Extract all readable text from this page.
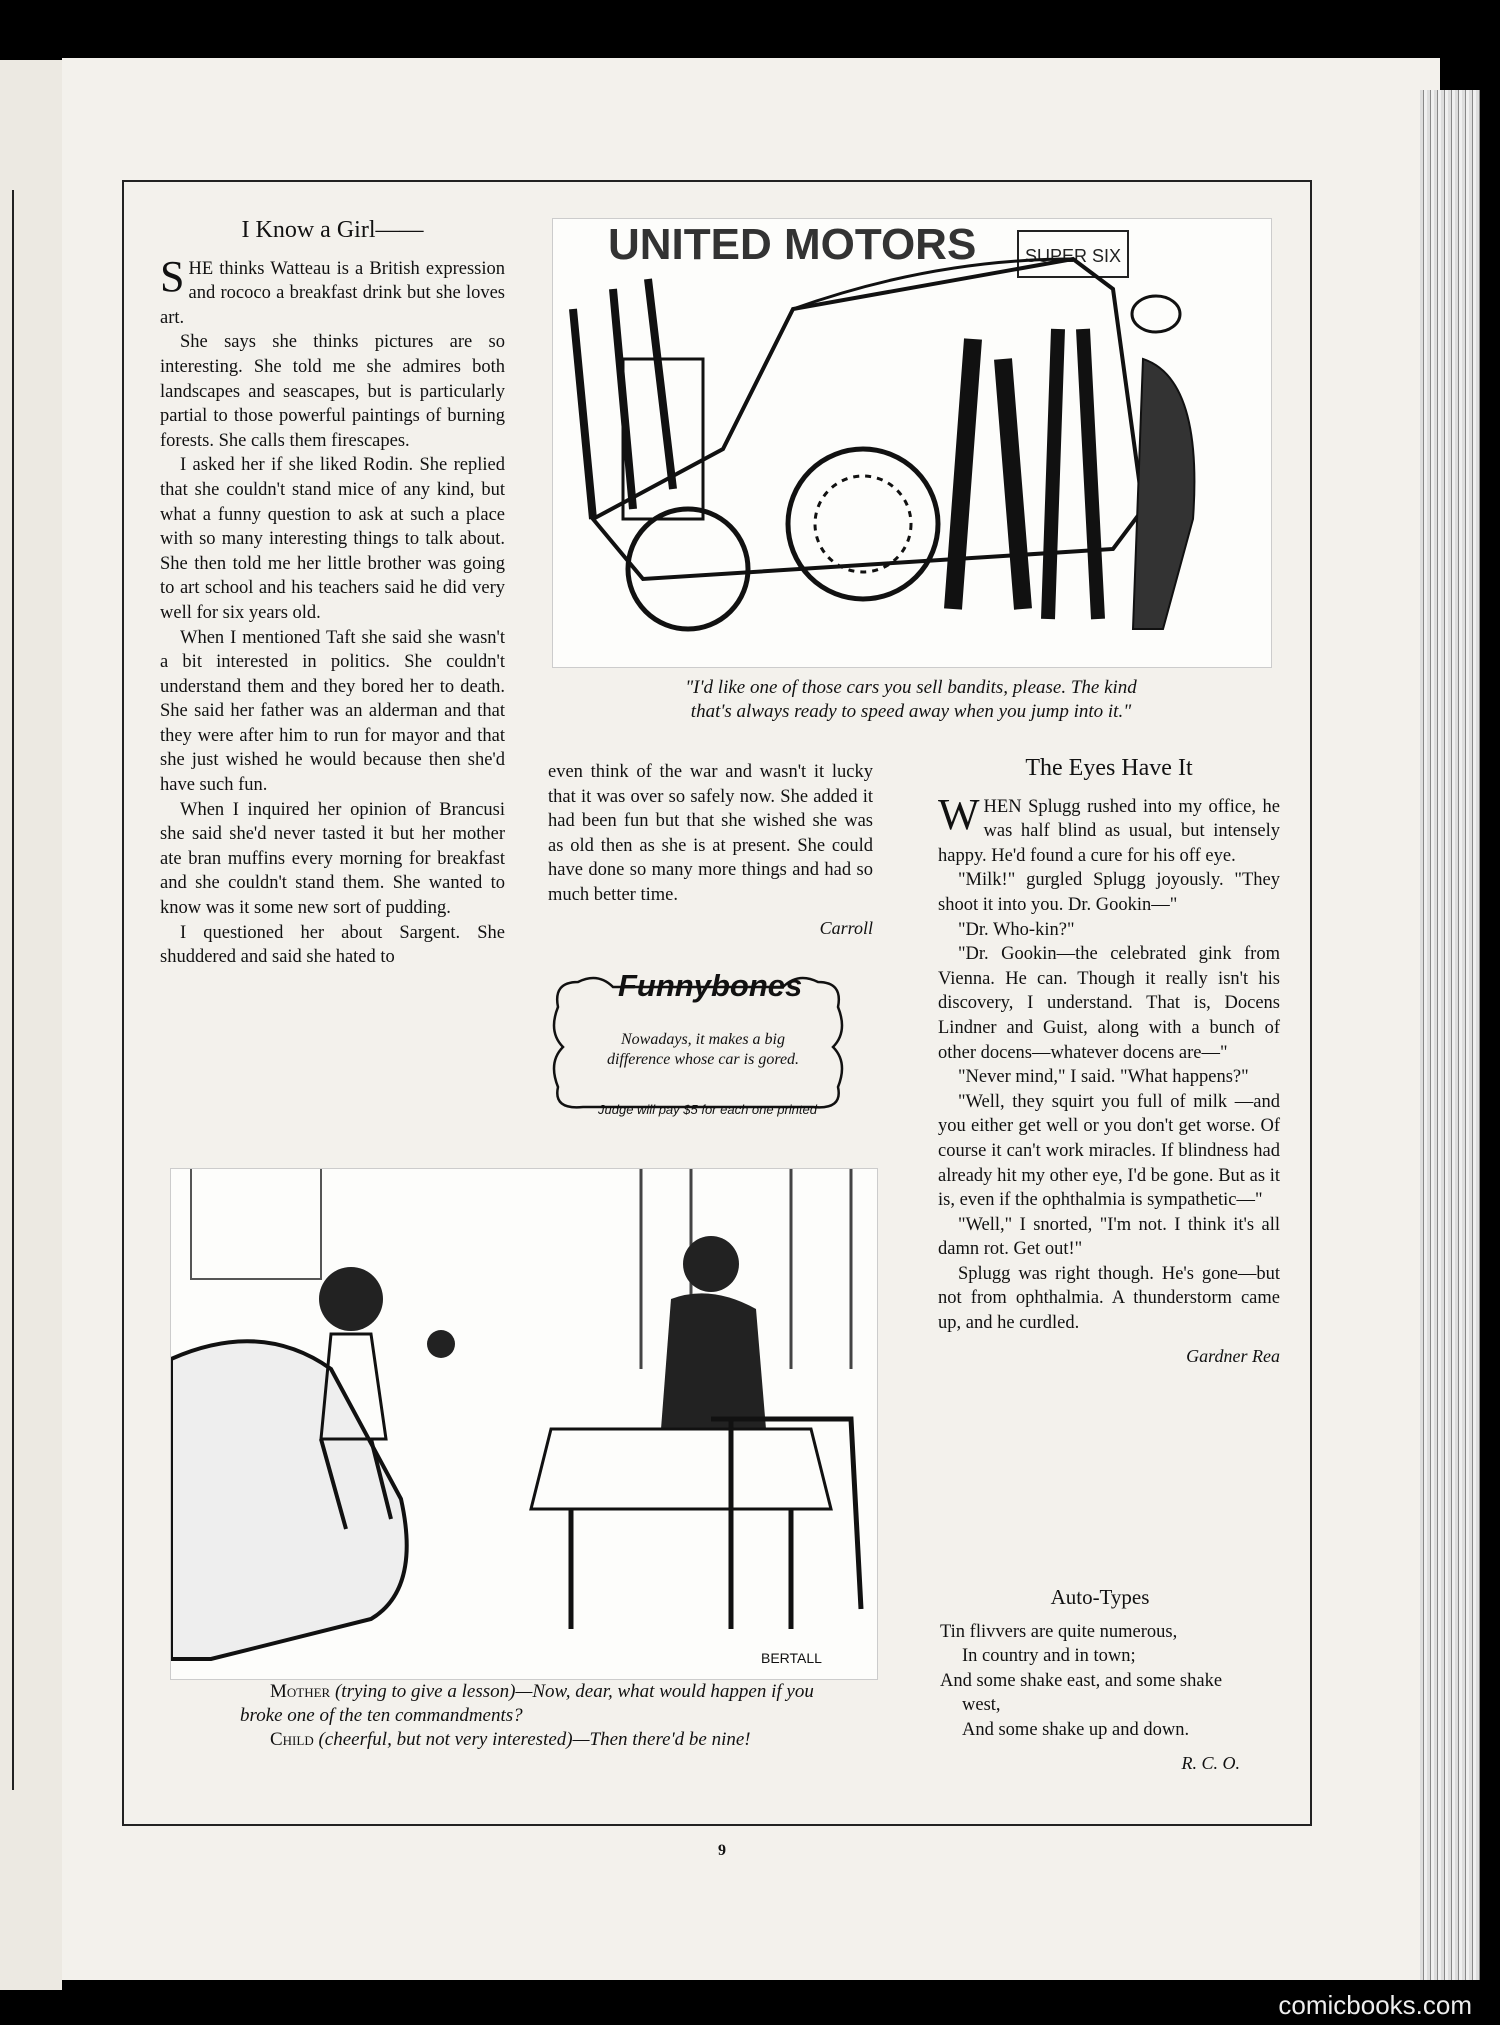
I Know a Girl——

SHE thinks Watteau is a British expression and rococo a breakfast drink but she loves art.

She says she thinks pictures are so interesting. She told me she admires both landscapes and seascapes, but is particularly partial to those powerful paintings of burning forests. She calls them firescapes.

I asked her if she liked Rodin. She replied that she couldn't stand mice of any kind, but what a funny question to ask at such a place with so many interesting things to talk about. She then told me her little brother was going to art school and his teachers said he did very well for six years old.

When I mentioned Taft she said she wasn't a bit interested in politics. She couldn't understand them and they bored her to death. She said her father was an alderman and that they were after him to run for mayor and that she just wished he would because then she'd have such fun.

When I inquired her opinion of Brancusi she said she'd never tasted it but her mother ate bran muffins every morning for breakfast and she couldn't stand them. She wanted to know was it some new sort of pudding.

I questioned her about Sargent. She shuddered and said she hated to

even think of the war and wasn't it lucky that it was over so safely now. She added it had been fun but that she wished she was as old then as she is at present. She could have done so many more things and had so much better time.

Carroll
UNITED MOTORS	SUPER SIX
"I'd like one of those cars you sell bandits, please. The kind
that's always ready to speed away when you jump into it."
Funnybones
Nowadays, it makes a big difference whose car is gored.
Judge will pay $5 for each one printed
The Eyes Have It

WHEN Splugg rushed into my office, he was half blind as usual, but intensely happy. He'd found a cure for his off eye.

"Milk!" gurgled Splugg joyously. "They shoot it into you. Dr. Gookin—"

"Dr. Who-kin?"

"Dr. Gookin—the celebrated gink from Vienna. He can. Though it really isn't his discovery, I understand. That is, Docens Lindner and Guist, along with a bunch of other docens—whatever docens are—"

"Never mind," I said. "What happens?"

"Well, they squirt you full of milk —and you either get well or you don't get worse. Of course it can't work miracles. If blindness had already hit my other eye, I'd be gone. But as it is, even if the ophthalmia is sympathetic—"

"Well," I snorted, "I'm not. I think it's all damn rot. Get out!"

Splugg was right though. He's gone—but not from ophthalmia. A thunderstorm came up, and he curdled.

Gardner Rea
BERTALL

Mother (trying to give a lesson)—Now, dear, what would happen if you broke one of the ten commandments?

Child (cheerful, but not very interested)—Then there'd be nine!

Auto-Types
Tin flivvers are quite numerous,
In country and in town;
And some shake east, and some shake
west,
And some shake up and down.
R. C. O.
9
comicbooks.com
